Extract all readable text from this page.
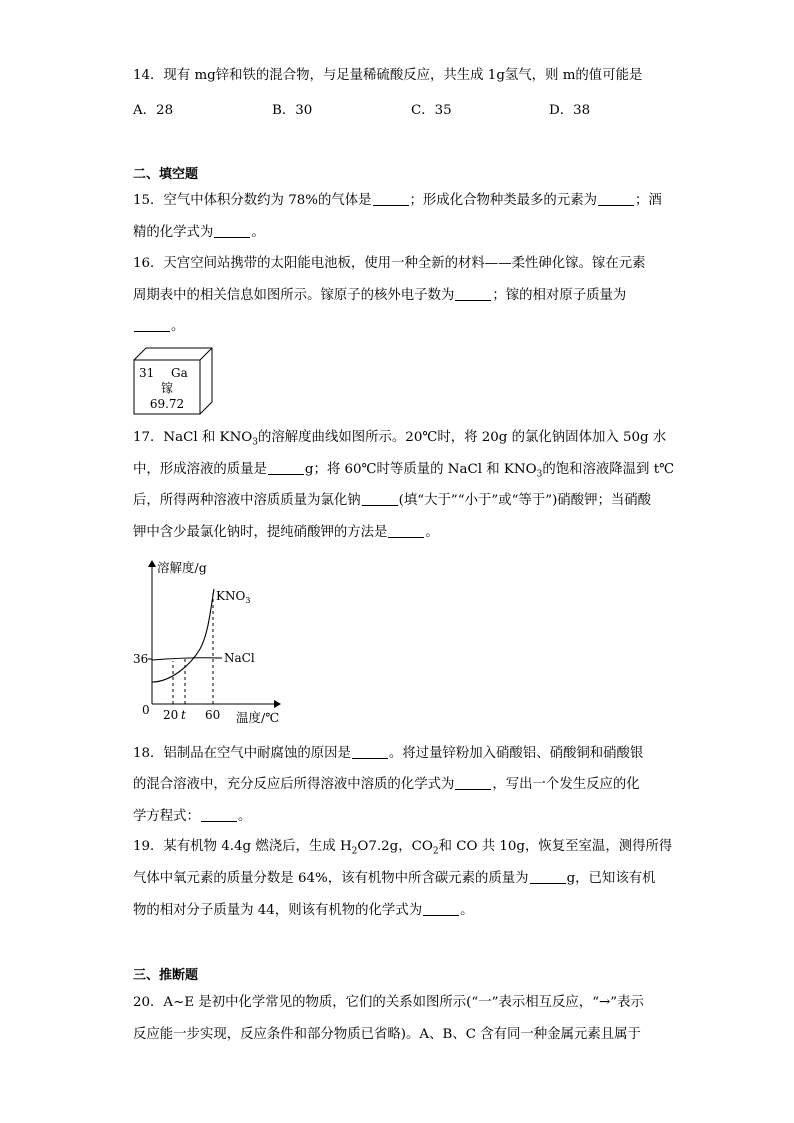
14．现有 mg锌和铁的混合物，与足量稀硫酸反应，共生成 1g氢气，则 m的值可能是
A．28	B．30	C．35	D．38
二、填空题
15．空气中体积分数约为 78%的气体是	；形成化合物种类最多的元素为	；酒
精的化学式为	。
16．天宫空间站携带的太阳能电池板，使用一种全新的材料——柔性砷化镓。镓在元素
周期表中的相关信息如图所示。镓原子的核外电子数为	；镓的相对原子质量为
。
31 Ga
镓
69.72
17．NaCl 和 $KNO_3$的溶解度曲线如图所示。20℃时，将 20g 的氯化钠固体加入 50g 水
中，形成溶液的质量是	g；将 60℃时等质量的 NaCl 和 $KNO_3$的饱和溶液降温到 t℃
后，所得两种溶液中溶质质量为氯化钠	(填“大于”“小于”或“等于”)硝酸钾；当硝酸
钾中含少最氯化钠时，提纯硝酸钾的方法是	。
溶解度/g
温度/℃
0
36	NaCl
$KNO_3$
20 t 60
18．铝制品在空气中耐腐蚀的原因是	。将过量锌粉加入硝酸铝、硝酸铜和硝酸银
的混合溶液中，充分反应后所得溶液中溶质的化学式为	，写出一个发生反应的化
学方程式：	。
19．某有机物 4.4g 燃浇后，生成 $H_2O7.2g$，$CO_2$和 CO 共 10g，恢复至室温，测得所得
气体中氧元素的质量分数是 64%，该有机物中所含碳元素的质量为	g，已知该有机
物的相对分子质量为 44，则该有机物的化学式为	。
三、推断题
20．A~E 是初中化学常见的物质，它们的关系如图所示(“一”表示相互反应，“→”表示
反应能一步实现，反应条件和部分物质已省略)。A、B、C 含有同一种金属元素且属于
